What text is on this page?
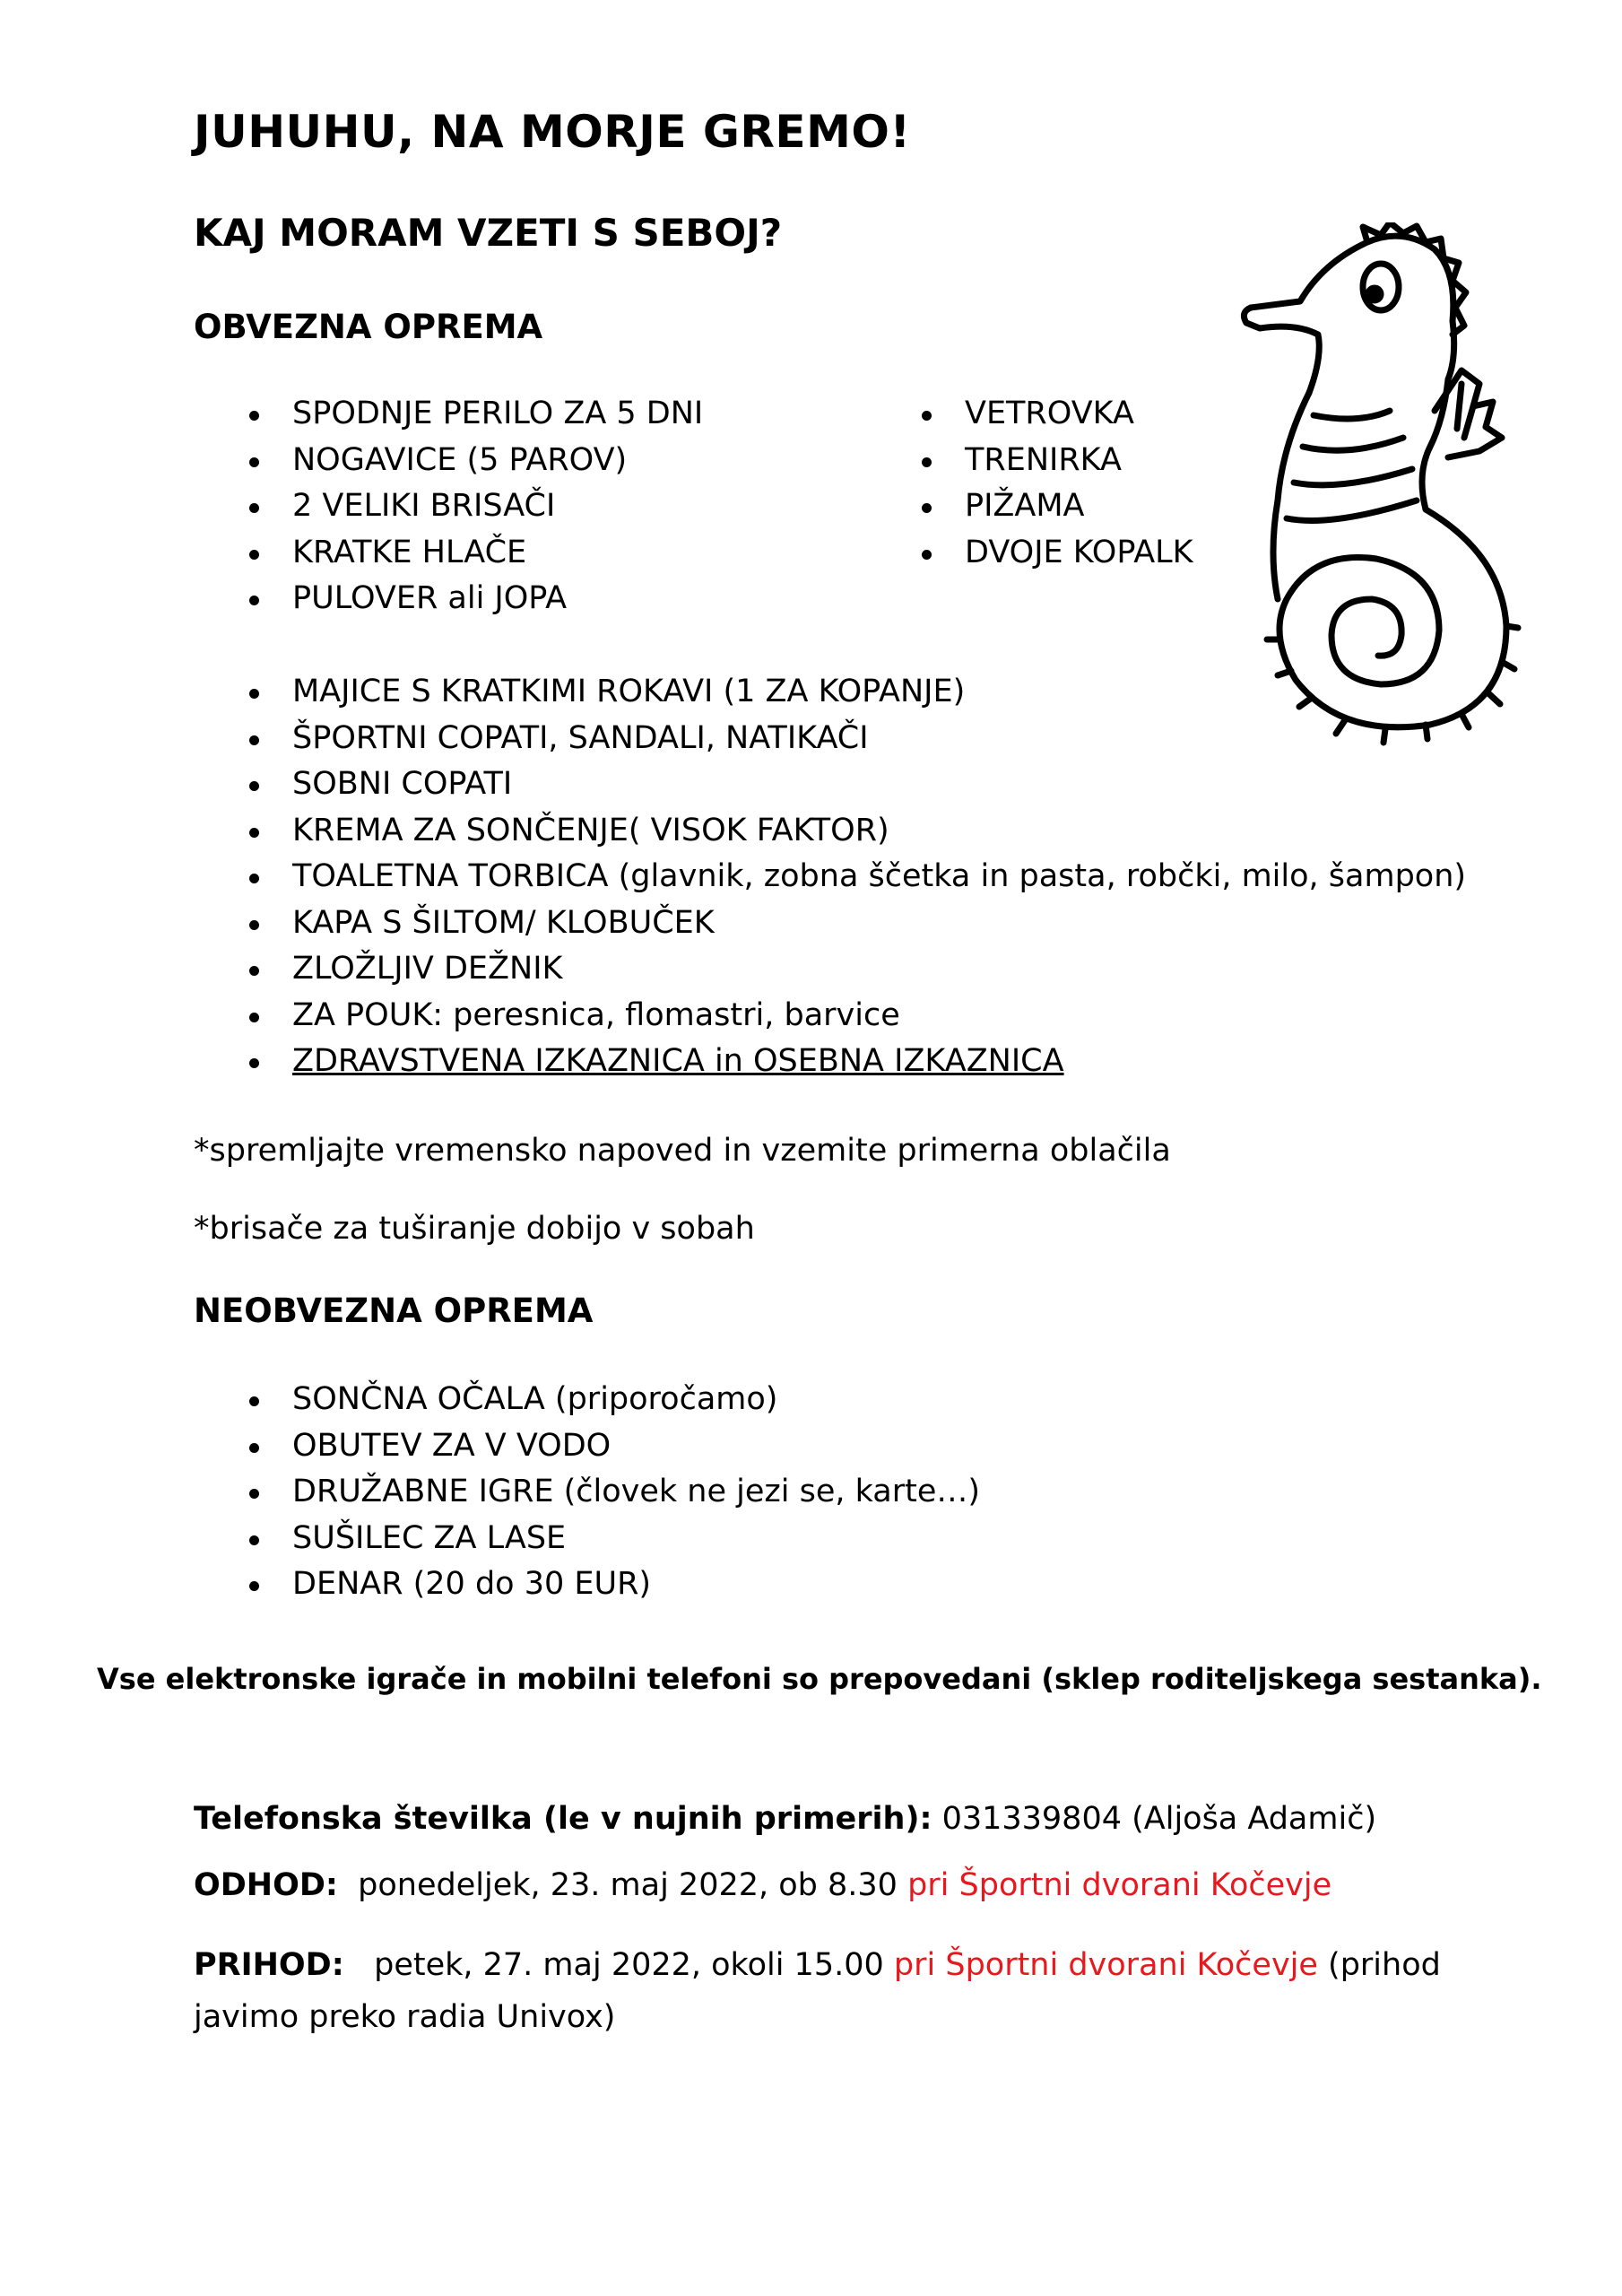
JUHUHU, NA MORJE GREMO!
KAJ MORAM VZETI S SEBOJ?
OBVEZNA OPREMA
SPODNJE PERILO ZA 5 DNI
NOGAVICE (5 PAROV)
2 VELIKI BRISAČI
KRATKE HLAČE
PULOVER ali JOPA
VETROVKA
TRENIRKA
PIŽAMA
DVOJE KOPALK
MAJICE S KRATKIMI ROKAVI (1 ZA KOPANJE)
ŠPORTNI COPATI, SANDALI, NATIKAČI
SOBNI COPATI
KREMA ZA SONČENJE( VISOK FAKTOR)
TOALETNA TORBICA (glavnik, zobna ščetka in pasta, robčki, milo, šampon)
KAPA S ŠILTOM/ KLOBUČEK
ZLOŽLJIV DEŽNIK
ZA POUK: peresnica, flomastri, barvice
ZDRAVSTVENA IZKAZNICA in OSEBNA IZKAZNICA
*spremljajte vremensko napoved in vzemite primerna oblačila
*brisače za tuširanje dobijo v sobah
NEOBVEZNA OPREMA
SONČNA OČALA (priporočamo)
OBUTEV ZA V VODO
DRUŽABNE IGRE (človek ne jezi se, karte…)
SUŠILEC ZA LASE
DENAR (20 do 30 EUR)
Vse elektronske igrače in mobilni telefoni so prepovedani (sklep roditeljskega sestanka).
Telefonska številka (le v nujnih primerih): 031339804 (Aljoša Adamič)
ODHOD:  ponedeljek, 23. maj 2022, ob 8.30 pri Športni dvorani Kočevje
PRIHOD:   petek, 27. maj 2022, okoli 15.00 pri Športni dvorani Kočevje (prihod
javimo preko radia Univox)
